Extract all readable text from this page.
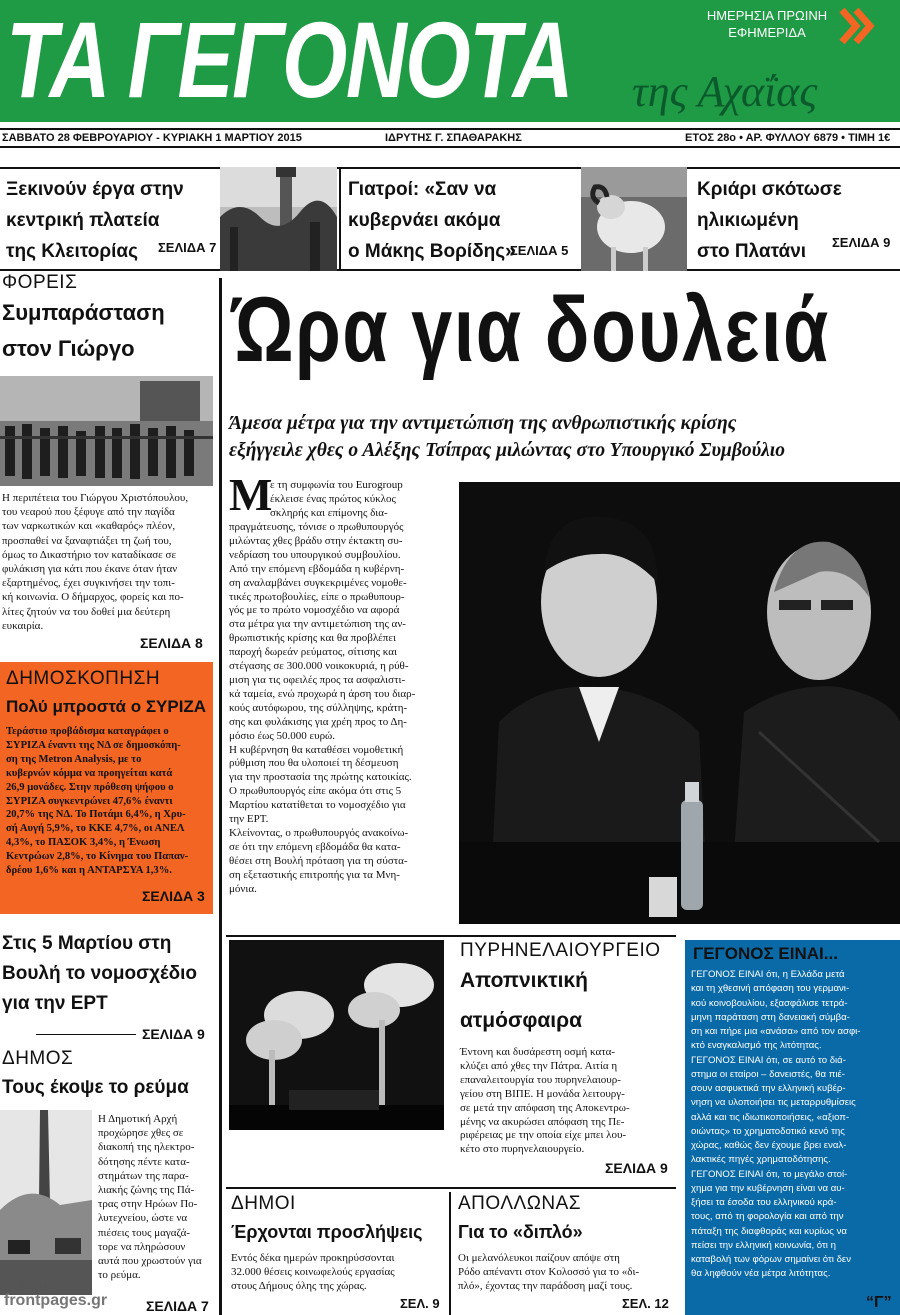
ΤΑ ΓΕΓΟΝΟΤΑ της Αχαΐας
ΗΜΕΡΗΣΙΑ ΠΡΩΙΝΗ
ΕΦΗΜΕΡΙΔΑ
ΣΑΒΒΑΤΟ 28 ΦΕΒΡΟΥΑΡΙΟΥ - ΚΥΡΙΑΚΗ 1 ΜΑΡΤΙΟΥ 2015	ΙΔΡΥΤΗΣ Γ. ΣΠΑΘΑΡΑΚΗΣ	ΕΤΟΣ 28ο • ΑΡ. ΦΥΛΛΟΥ 6879 • ΤΙΜΗ 1€
Ξεκινούν έργα στην
κεντρική πλατεία
της Κλειτορίας	ΣΕΛΙΔΑ 7
Γιατροί: «Σαν να
κυβερνάει ακόμα
ο Μάκης Βορίδης»
ΣΕΛΙΔΑ 5
Κριάρι σκότωσε
ηλικιωμένη
στο Πλατάνι	ΣΕΛΙΔΑ 9
ΦΟΡΕΙΣ
Συμπαράσταση
στον Γιώργο
Η περιπέτεια του Γιώργου Χριστόπουλου,
του νεαρού που ξέφυγε από την παγίδα
των ναρκωτικών και «καθαρός» πλέον,
προσπαθεί να ξαναφτιάξει τη ζωή του,
όμως το Δικαστήριο τον καταδίκασε σε
φυλάκιση για κάτι που έκανε όταν ήταν
εξαρτημένος, έχει συγκινήσει την τοπι-
κή κοινωνία. Ο δήμαρχος, φορείς και πο-
λίτες ζητούν να του δοθεί μια δεύτερη
ευκαιρία.
ΣΕΛΙΔΑ 8
ΔΗΜΟΣΚΟΠΗΣΗ
Πολύ μπροστά ο ΣΥΡΙΖΑ
Τεράστιο προβάδισμα καταγράφει ο
ΣΥΡΙΖΑ έναντι της ΝΔ σε δημοσκόπη-
ση της Metron Analysis, με το
κυβερνών κόμμα να προηγείται κατά
26,9 μονάδες. Στην πρόθεση ψήφου ο
ΣΥΡΙΖΑ συγκεντρώνει 47,6% έναντι
20,7% της ΝΔ. Το Ποτάμι 6,4%, η Χρυ-
σή Αυγή 5,9%, το ΚΚΕ 4,7%, οι ΑΝΕΛ
4,3%, το ΠΑΣΟΚ 3,4%, η Ένωση
Κεντρώων 2,8%, το Κίνημα του Παπαν-
δρέου 1,6% και η ΑΝΤΑΡΣΥΑ 1,3%.
ΣΕΛΙΔΑ 3
Στις 5 Μαρτίου στη
Βουλή το νομοσχέδιο
για την ΕΡΤ
ΣΕΛΙΔΑ 9
ΔΗΜΟΣ
Τους έκοψε το ρεύμα
Η Δημοτική Αρχή
προχώρησε χθες σε
διακοπή της ηλεκτρο-
δότησης πέντε κατα-
στημάτων της παρα-
λιακής ζώνης της Πά-
τρας στην Ηρώων Πο-
λυτεχνείου, ώστε να
πιέσεις τους μαγαζά-
τορε να πληρώσουν
αυτά που χρωστούν για
το ρεύμα.
digitized for
frontpages.gr	ΣΕΛΙΔΑ 7
Ώρα για δουλειά
Άμεσα μέτρα για την αντιμετώπιση της ανθρωπιστικής κρίσης
εξήγγειλε χθες ο Αλέξης Τσίπρας μιλώντας στο Υπουργικό Συμβούλιο
Μ
ε τη συμφωνία του Eurogroup
έκλεισε ένας πρώτος κύκλος
σκληρής και επίμονης δια-
πραγμάτευσης, τόνισε ο πρωθυπουργός
μιλώντας χθες βράδυ στην έκτακτη συ-
νεδρίαση του υπουργικού συμβουλίου.
Από την επόμενη εβδομάδα η κυβέρνη-
ση αναλαμβάνει συγκεκριμένες νομοθε-
τικές πρωτοβουλίες, είπε ο πρωθυπουρ-
γός με το πρώτο νομοσχέδιο να αφορά
στα μέτρα για την αντιμετώπιση της αν-
θρωπιστικής κρίσης και θα προβλέπει
παροχή δωρεάν ρεύματος, σίτισης και
στέγασης σε 300.000 νοικοκυριά, η ρύθ-
μιση για τις οφειλές προς τα ασφαλιστι-
κά ταμεία, ενώ προχωρά η άρση του διαρ-
κούς αυτόφωρου, της σύλληψης, κράτη-
σης και φυλάκισης για χρέη προς το Δη-
μόσιο έως 50.000 ευρώ.
Η κυβέρνηση θα καταθέσει νομοθετική
ρύθμιση που θα υλοποιεί τη δέσμευση
για την προστασία της πρώτης κατοικίας.
Ο πρωθυπουργός είπε ακόμα ότι στις 5
Μαρτίου κατατίθεται το νομοσχέδιο για
την ΕΡΤ.
Κλείνοντας, ο πρωθυπουργός ανακοίνω-
σε ότι την επόμενη εβδομάδα θα κατα-
θέσει στη Βουλή πρόταση για τη σύστα-
ση εξεταστικής επιτροπής για τα Μνη-
μόνια.
ΠΥΡΗΝΕΛΑΙΟΥΡΓΕΙΟ
Αποπνικτική
ατμόσφαιρα
Έντονη και δυσάρεστη οσμή κατα-
κλύζει από χθες την Πάτρα. Αιτία η
επαναλειτουργία του πυρηνελαιουρ-
γείου στη ΒΙΠΕ. Η μονάδα λειτουργ-
σε μετά την απόφαση της Αποκεντρω-
μένης να ακυρώσει απόφαση της Πε-
ριφέρειας με την οποία είχε μπει λου-
κέτο στο πυρηνελαιουργείο.
ΣΕΛΙΔΑ 9
ΔΗΜΟΙ
Έρχονται προσλήψεις
Εντός δέκα ημερών προκηρύσσονται
32.000 θέσεις κοινωφελούς εργασίας
στους Δήμους όλης της χώρας.
ΣΕΛ. 9
ΑΠΟΛΛΩΝΑΣ
Για το «διπλό»
Οι μελανόλευκοι παίζουν απόψε στη
Ρόδο απέναντι στον Κολοσσό για το «δι-
πλό», έχοντας την παράδοση μαζί τους.
ΣΕΛ. 12
ΓΕΓΟΝΟΣ ΕΙΝΑΙ...
ΓΕΓΟΝΟΣ ΕΙΝΑΙ ότι, η Ελλάδα μετά
και τη χθεσινή απόφαση του γερμανι-
κού κοινοβουλίου, εξασφάλισε τετρά-
μηνη παράταση στη δανειακή σύμβα-
ση και πήρε μια «ανάσα» από τον ασφι-
κτό εναγκαλισμό της λιτότητας.
ΓΕΓΟΝΟΣ ΕΙΝΑΙ ότι, σε αυτό το διά-
στημα οι εταίροι – δανειστές, θα πιέ-
σουν ασφυκτικά την ελληνική κυβέρ-
νηση να υλοποιήσει τις μεταρρυθμίσεις
αλλά και τις ιδιωτικοποιήσεις, «αξιοπ-
οιώντας» το χρηματοδοτικό κενό της
χώρας, καθώς δεν έχουμε βρει εναλ-
λακτικές πηγές χρηματοδότησης.
ΓΕΓΟΝΟΣ ΕΙΝΑΙ ότι, το μεγάλο στοί-
χημα για την κυβέρνηση είναι να αυ-
ξήσει τα έσοδα του ελληνικού κρά-
τους, από τη φορολογία και από την
πάταξη της διαφθοράς και κυρίως να
πείσει την ελληνική κοινωνία, ότι η
καταβολή των φόρων σημαίνει ότι δεν
θα ληφθούν νέα μέτρα λιτότητας.
“Γ”
